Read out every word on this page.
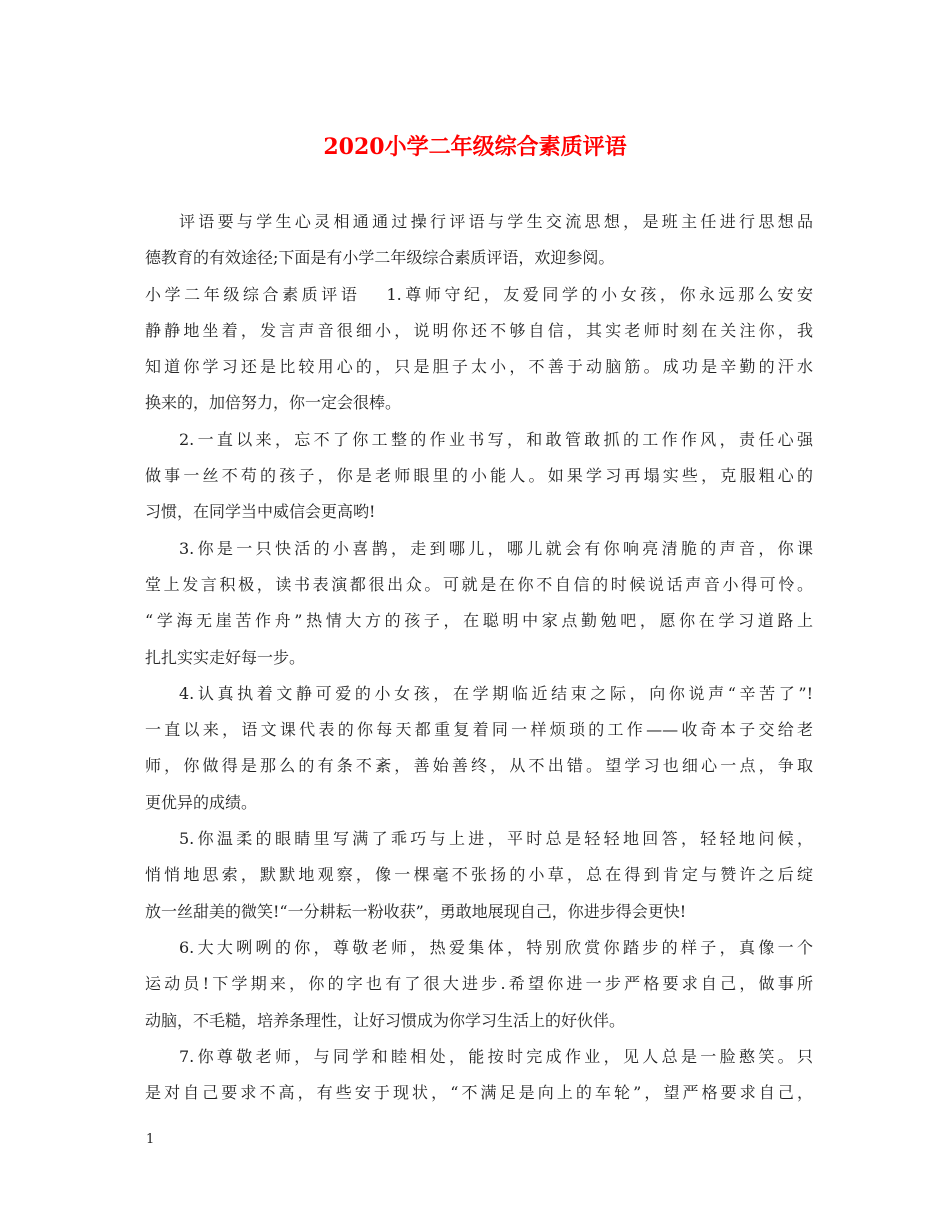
2020小学二年级综合素质评语
评语要与学生心灵相通通过操行评语与学生交流思想，是班主任进行思想品
德教育的有效途径;下面是有小学二年级综合素质评语，欢迎参阅。
小学二年级综合素质评语 1.尊师守纪，友爱同学的小女孩，你永远那么安安
静静地坐着，发言声音很细小，说明你还不够自信，其实老师时刻在关注你，我
知道你学习还是比较用心的，只是胆子太小，不善于动脑筋。成功是辛勤的汗水
换来的，加倍努力，你一定会很棒。
2.一直以来，忘不了你工整的作业书写，和敢管敢抓的工作作风，责任心强
做事一丝不苟的孩子，你是老师眼里的小能人。如果学习再塌实些，克服粗心的
习惯，在同学当中威信会更高哟!
3.你是一只快活的小喜鹊，走到哪儿，哪儿就会有你响亮清脆的声音，你课
堂上发言积极，读书表演都很出众。可就是在你不自信的时候说话声音小得可怜。
“学海无崖苦作舟”热情大方的孩子，在聪明中家点勤勉吧，愿你在学习道路上
扎扎实实走好每一步。
4.认真执着文静可爱的小女孩，在学期临近结束之际，向你说声“辛苦了”!
一直以来，语文课代表的你每天都重复着同一样烦琐的工作——收奇本子交给老
师，你做得是那么的有条不紊，善始善终，从不出错。望学习也细心一点，争取
更优异的成绩。
5.你温柔的眼睛里写满了乖巧与上进，平时总是轻轻地回答，轻轻地问候，
悄悄地思索，默默地观察，像一棵毫不张扬的小草，总在得到肯定与赞许之后绽
放一丝甜美的微笑!“一分耕耘一粉收获”，勇敢地展现自己，你进步得会更快!
6.大大咧咧的你，尊敬老师，热爱集体，特别欣赏你踏步的样子，真像一个
运动员!下学期来，你的字也有了很大进步.希望你进一步严格要求自己，做事所
动脑，不毛糙，培养条理性，让好习惯成为你学习生活上的好伙伴。
7.你尊敬老师，与同学和睦相处，能按时完成作业，见人总是一脸憨笑。只
是对自己要求不高，有些安于现状，“不满足是向上的车轮”，望严格要求自己，
1
